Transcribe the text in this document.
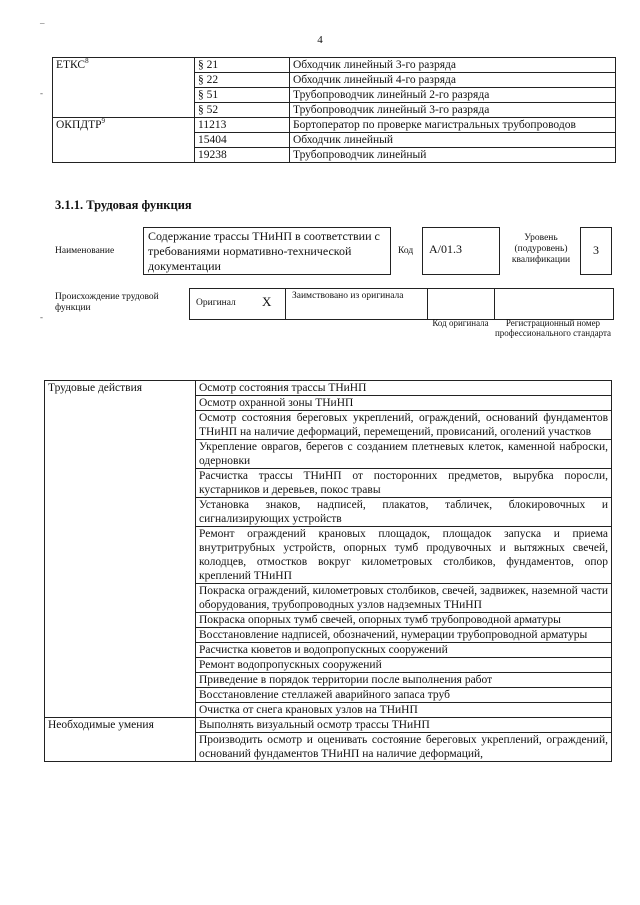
4
–
-
-
ЕТКС$^8$	§ 21	Обходчик линейный 3-го разряда
	§ 22	Обходчик линейный 4-го разряда
	§ 51	Трубопроводчик линейный 2-го разряда
	§ 52	Трубопроводчик линейный 3-го разряда
ОКПДТР$^9$	11213	Бортоператор по проверке магистральных трубопроводов
	15404	Обходчик линейный
	19238	Трубопроводчик линейный
3.1.1. Трудовая функция
Наименование
Содержание трассы ТНиНП в соответствии с требованиями нормативно-технической документации
Код	А/01.3
Уровень (подуровень) квалификации
3
Происхождение трудовой функции	Оригинал X Заимствовано из оригинала
Код оригинала	Регистрационный номер профессионального стандарта
Трудовые действия	Осмотр состояния трассы ТНиНП
	Осмотр охранной зоны ТНиНП
	Осмотр состояния береговых укреплений, ограждений, оснований фундаментов ТНиНП на наличие деформаций, перемещений, провисаний, оголений участков
	Укрепление оврагов, берегов с созданием плетневых клеток, каменной наброски, одерновки
	Расчистка трассы ТНиНП от посторонних предметов, вырубка поросли, кустарников и деревьев, покос травы
	Установка знаков, надписей, плакатов, табличек, блокировочных и сигнализирующих устройств
	Ремонт ограждений крановых площадок, площадок запуска и приема внутритрубных устройств, опорных тумб продувочных и вытяжных свечей, колодцев, отмостков вокруг километровых столбиков, фундаментов, опор креплений ТНиНП
	Покраска ограждений, километровых столбиков, свечей, задвижек, наземной части оборудования, трубопроводных узлов надземных ТНиНП
	Покраска опорных тумб свечей, опорных тумб трубопроводной арматуры
	Восстановление надписей, обозначений, нумерации трубопроводной арматуры
	Расчистка кюветов и водопропускных сооружений
	Ремонт водопропускных сооружений
	Приведение в порядок территории после выполнения работ
	Восстановление стеллажей аварийного запаса труб
	Очистка от снега крановых узлов на ТНиНП
Необходимые умения	Выполнять визуальный осмотр трассы ТНиНП
	Производить осмотр и оценивать состояние береговых укреплений, ограждений, оснований фундаментов ТНиНП на наличие деформаций,
